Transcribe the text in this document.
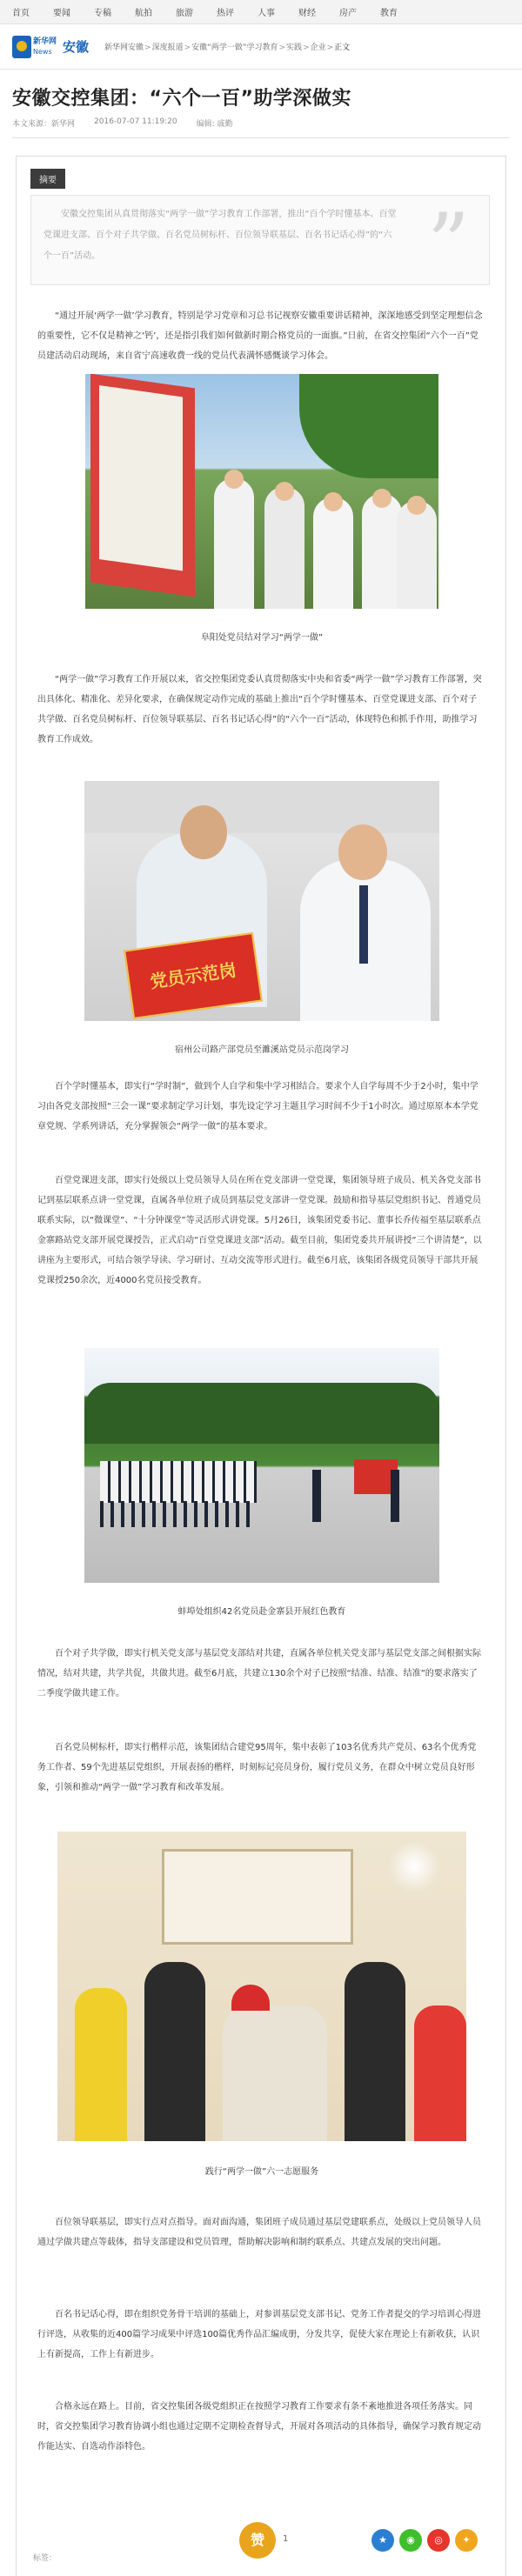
首页	要闻	专稿	航拍	旅游	热评	人事	财经	房产	教育
新华网
News 安徽 新华网安徽>深度报道>安徽“两学一做”学习教育>实践>企业>正文
安徽交控集团：“六个一百”助学深做实
本文来源：新华网 2016-07-07 11:19:20 编辑: 戚勤
摘要

安徽交控集团从真贯彻落实“两学一做”学习教育工作部署，推出“百个学时懂基本、百堂党课进支部、百个对子共学做、百名党员树标杆、百位领导联基层、百名书记话心得”的“六个一百”活动。	”

“通过开展‘两学一做’学习教育，特别是学习党章和习总书记视察安徽重要讲话精神，深深地感受到坚定理想信念的重要性，它不仅是精神之‘钙’，还是指引我们如何做新时期合格党员的一面旗。”日前，在省交控集团“六个一百”党员建活动启动现场，来自省宁高速收费一线的党员代表满怀感慨谈学习体会。

阜阳处党员结对学习“两学一做”

“两学一做”学习教育工作开展以来，省交控集团党委认真贯彻落实中央和省委“两学一做”学习教育工作部署，突出具体化、精准化、差异化要求，在确保规定动作完成的基础上推出“百个学时懂基本、百堂党课进支部、百个对子共学做、百名党员树标杆、百位领导联基层、百名书记话心得”的“六个一百”活动，体现特色和抓手作用，助推学习教育工作成效。

党员示范岗

宿州公司路产部党员至濉溪站党员示范岗学习

百个学时懂基本，即实行“学时制”，做到个人自学和集中学习相结合。要求个人自学每周不少于2小时，集中学习由各党支部按照“三会一课”要求制定学习计划，事先设定学习主题且学习时间不少于1小时次。通过原原本本学党章党规、学系列讲话，充分掌握领会“两学一做”的基本要求。

百堂党课进支部，即实行处级以上党员领导人员在所在党支部讲一堂党课，集团领导班子成员、机关各党支部书记到基层联系点讲一堂党课，直属各单位班子成员到基层党支部讲一堂党课。鼓励和指导基层党组织书记、普通党员联系实际，以“微课堂”、“十分钟课堂”等灵活形式讲党课。5月26日，该集团党委书记、董事长乔传福至基层联系点金寨路站党支部开展党课授告，正式启动“百堂党课进支部”活动。截至目前，集团党委共开展讲授“三个讲清楚”，以讲座为主要形式，可结合领学导读、学习研讨、互动交流等形式进行。截至6月底，该集团各级党员领导干部共开展党课授250余次，近4000名党员接受教育。

蚌埠处组织42名党员赴金寨县开展红色教育

百个对子共学做，即实行机关党支部与基层党支部结对共建，直属各单位机关党支部与基层党支部之间根据实际情况，结对共建，共学共促，共做共进。截至6月底，共建立130余个对子已按照“结准、结准、结准”的要求落实了二季度学做共建工作。

百名党员树标杆，即实行楷样示范，该集团结合建党95周年，集中表彰了103名优秀共产党员、63名个优秀党务工作者、59个先进基层党组织，开展表扬的楷样，时刻标记亮员身份，履行党员义务，在群众中树立党员良好形象，引领和推动“两学一做”学习教育和改革发展。

践行“两学一做”六一志愿服务

百位领导联基层，即实行点对点指导。面对面沟通，集团班子成员通过基层党建联系点，处级以上党员领导人员通过学做共建点等载体，指导支部建设和党员管理，帮助解决影响和制约联系点、共建点发展的突出问题。

百名书记话心得，即在组织党务骨干培训的基础上，对参训基层党支部书记、党务工作者提交的学习培训心得进行评选，从收集的近400篇学习成果中评选100篇优秀作品汇编成册，分发共享，促使大家在理论上有新收获，认识上有新提高，工作上有新进步。

合格永远在路上。目前，省交控集团各级党组织正在按照学习教育工作要求有条不紊地推进各项任务落实。同时，省交控集团学习教育协调小组也通过定期不定期检查督导式，开展对各项活动的具体指导，确保学习教育规定动作能达实、自选动作添特色。

赞	1	★	◉	◎	✦
标签：
